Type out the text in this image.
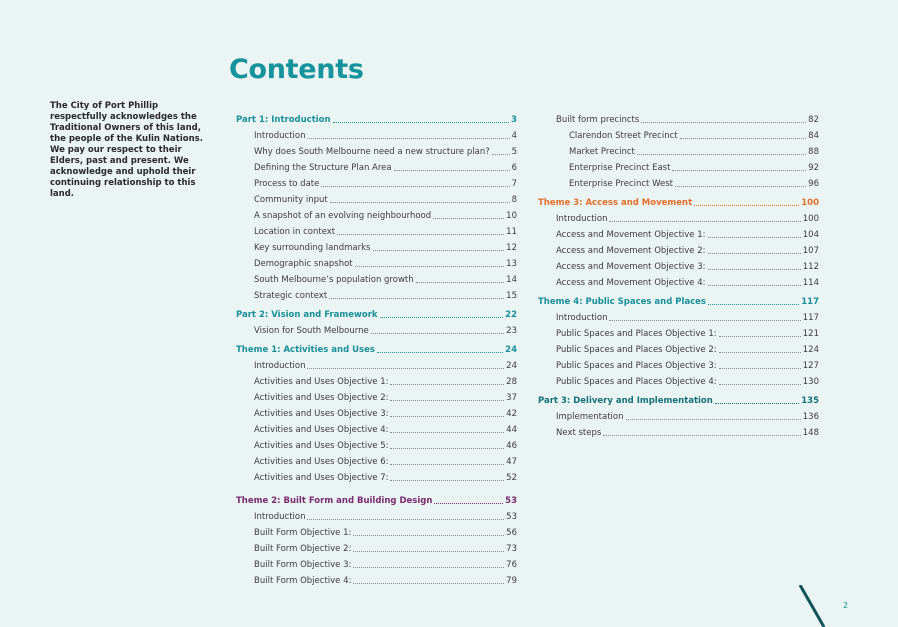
Contents
The City of Port Phillip respectfully acknowledges the Traditional Owners of this land, the people of the Kulin Nations. We pay our respect to their Elders, past and present. We acknowledge and uphold their continuing relationship to this land.
Part 1: Introduction	3
Introduction	4
Why does South Melbourne need a new structure plan?	5
Defining the Structure Plan Area	6
Process to date	7
Community input	8
A snapshot of an evolving neighbourhood	10
Location in context	11
Key surrounding landmarks	12
Demographic snapshot	13
South Melbourne’s population growth	14
Strategic context	15
Part 2: Vision and Framework	22
Vision for South Melbourne	23
Theme 1: Activities and Uses	24
Introduction	24
Activities and Uses Objective 1:	28
Activities and Uses Objective 2:	37
Activities and Uses Objective 3:	42
Activities and Uses Objective 4:	44
Activities and Uses Objective 5:	46
Activities and Uses Objective 6:	47
Activities and Uses Objective 7:	52
Theme 2: Built Form and Building Design	53
Introduction	53
Built Form Objective 1:	56
Built Form Objective 2:	73
Built Form Objective 3:	76
Built Form Objective 4:	79
Built form precincts	82
Clarendon Street Precinct	84
Market Precinct	88
Enterprise Precinct East	92
Enterprise Precinct West	96
Theme 3: Access and Movement	100
Introduction	100
Access and Movement Objective 1:	104
Access and Movement Objective 2:	107
Access and Movement Objective 3:	112
Access and Movement Objective 4:	114
Theme 4: Public Spaces and Places	117
Introduction	117
Public Spaces and Places Objective 1:	121
Public Spaces and Places Objective 2:	124
Public Spaces and Places Objective 3:	127
Public Spaces and Places Objective 4:	130
Part 3: Delivery and Implementation	135
Implementation	136
Next steps	148
2
